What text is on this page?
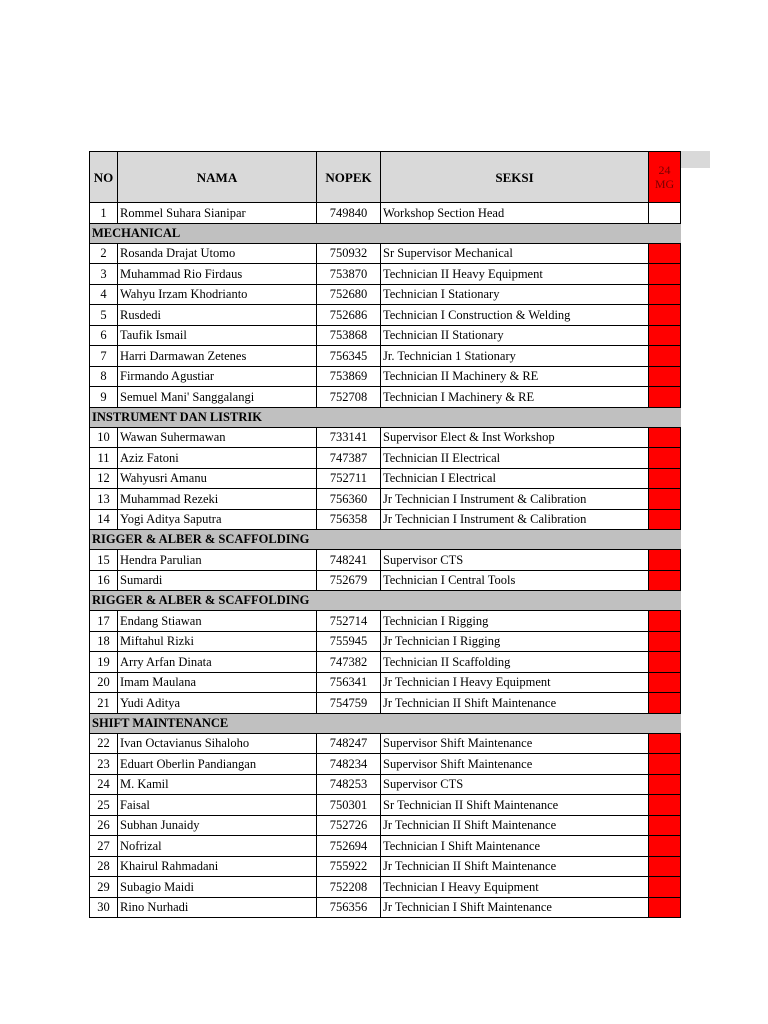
NO	NAMA	NOPEK	SEKSI	24 MG
1	Rommel Suhara Sianipar	749840	Workshop Section Head	
MECHANICAL				
2	Rosanda Drajat Utomo	750932	Sr Supervisor Mechanical	
3	Muhammad Rio Firdaus	753870	Technician II Heavy Equipment	
4	Wahyu Irzam Khodrianto	752680	Technician I Stationary	
5	Rusdedi	752686	Technician I Construction & Welding	
6	Taufik Ismail	753868	Technician II Stationary	
7	Harri Darmawan Zetenes	756345	Jr. Technician 1 Stationary	
8	Firmando Agustiar	753869	Technician II Machinery & RE	
9	Semuel Mani' Sanggalangi	752708	Technician I Machinery & RE	
INSTRUMENT DAN LISTRIK				
10	Wawan Suhermawan	733141	Supervisor Elect & Inst Workshop	
11	Aziz Fatoni	747387	Technician II Electrical	
12	Wahyusri Amanu	752711	Technician I Electrical	
13	Muhammad Rezeki	756360	Jr Technician I Instrument & Calibration	
14	Yogi Aditya Saputra	756358	Jr Technician I Instrument & Calibration	
RIGGER & ALBER & SCAFFOLDING				
15	Hendra Parulian	748241	Supervisor CTS	
16	Sumardi	752679	Technician I Central Tools	
RIGGER & ALBER & SCAFFOLDING				
17	Endang Stiawan	752714	Technician I Rigging	
18	Miftahul Rizki	755945	Jr Technician I Rigging	
19	Arry Arfan Dinata	747382	Technician II Scaffolding	
20	Imam Maulana	756341	Jr Technician I Heavy Equipment	
21	Yudi Aditya	754759	Jr Technician II Shift Maintenance	
SHIFT MAINTENANCE				
22	Ivan Octavianus Sihaloho	748247	Supervisor Shift Maintenance	
23	Eduart Oberlin Pandiangan	748234	Supervisor Shift Maintenance	
24	M. Kamil	748253	Supervisor CTS	
25	Faisal	750301	Sr Technician II Shift Maintenance	
26	Subhan Junaidy	752726	Jr Technician II Shift Maintenance	
27	Nofrizal	752694	Technician I Shift Maintenance	
28	Khairul Rahmadani	755922	Jr Technician II Shift Maintenance	
29	Subagio Maidi	752208	Technician I Heavy Equipment	
30	Rino Nurhadi	756356	Jr Technician I Shift Maintenance	
